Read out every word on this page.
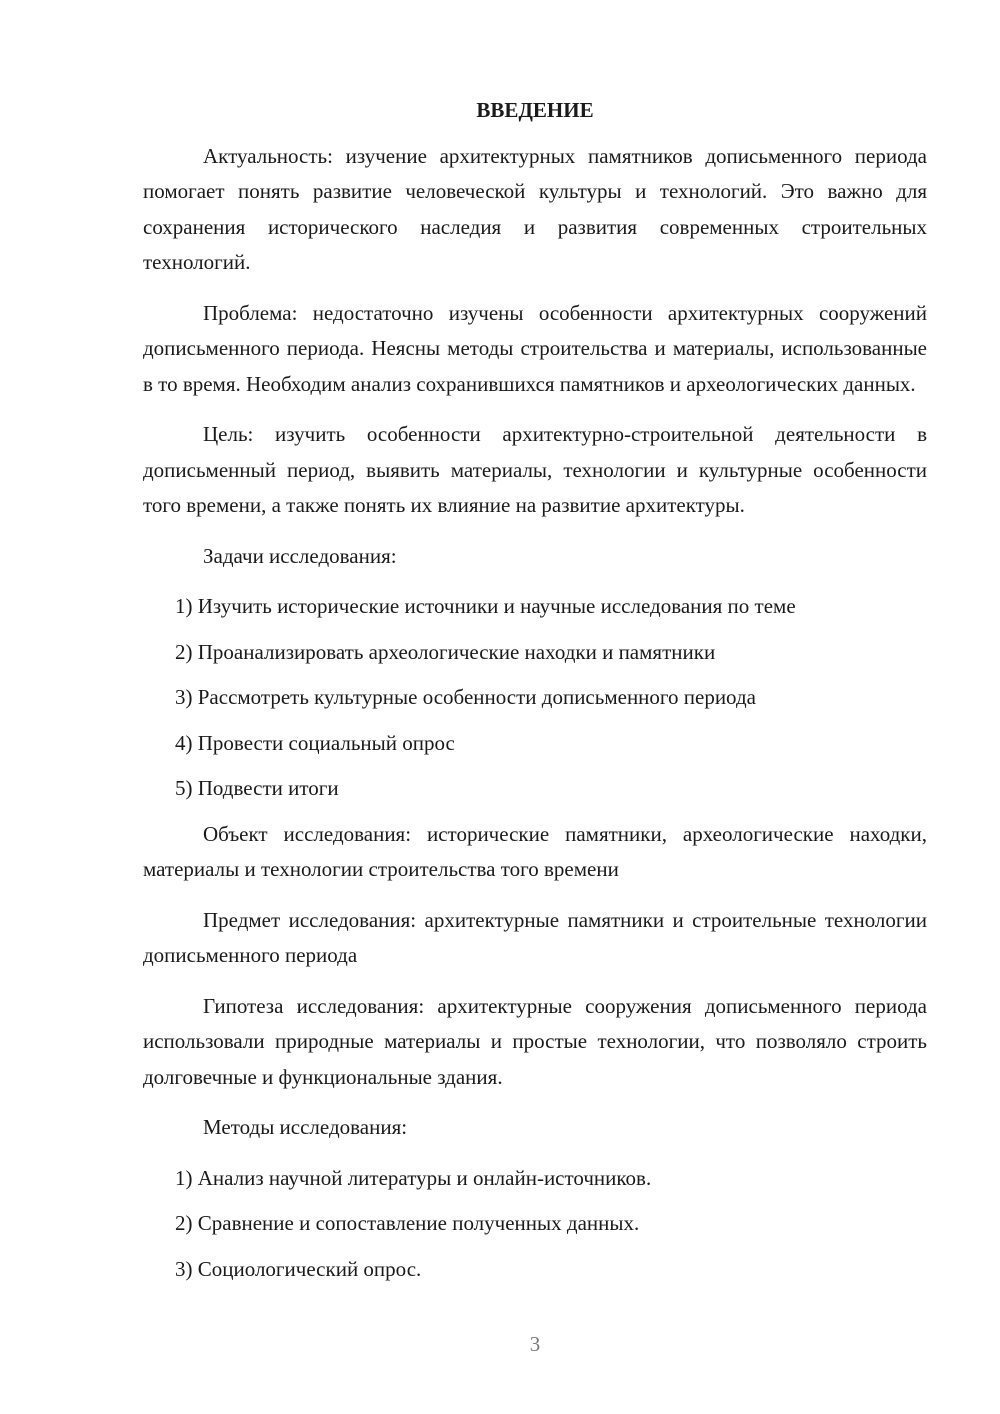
ВВЕДЕНИЕ
Актуальность: изучение архитектурных памятников дописьменного периода помогает понять развитие человеческой культуры и технологий. Это важно для сохранения исторического наследия и развития современных строительных технологий.
Проблема: недостаточно изучены особенности архитектурных сооружений дописьменного периода. Неясны методы строительства и материалы, использованные в то время. Необходим анализ сохранившихся памятников и археологических данных.
Цель: изучить особенности архитектурно-строительной деятельности в дописьменный период, выявить материалы, технологии и культурные особенности того времени, а также понять их влияние на развитие архитектуры.
Задачи исследования:
1) Изучить исторические источники и научные исследования по теме
2) Проанализировать археологические находки и памятники
3) Рассмотреть культурные особенности дописьменного периода
4) Провести социальный опрос
5) Подвести итоги
Объект исследования: исторические памятники, археологические находки, материалы и технологии строительства того времени
Предмет исследования: архитектурные памятники и строительные технологии дописьменного периода
Гипотеза исследования: архитектурные сооружения дописьменного периода использовали природные материалы и простые технологии, что позволяло строить долговечные и функциональные здания.
Методы исследования:
1) Анализ научной литературы и онлайн-источников.
2) Сравнение и сопоставление полученных данных.
3) Социологический опрос.
3
